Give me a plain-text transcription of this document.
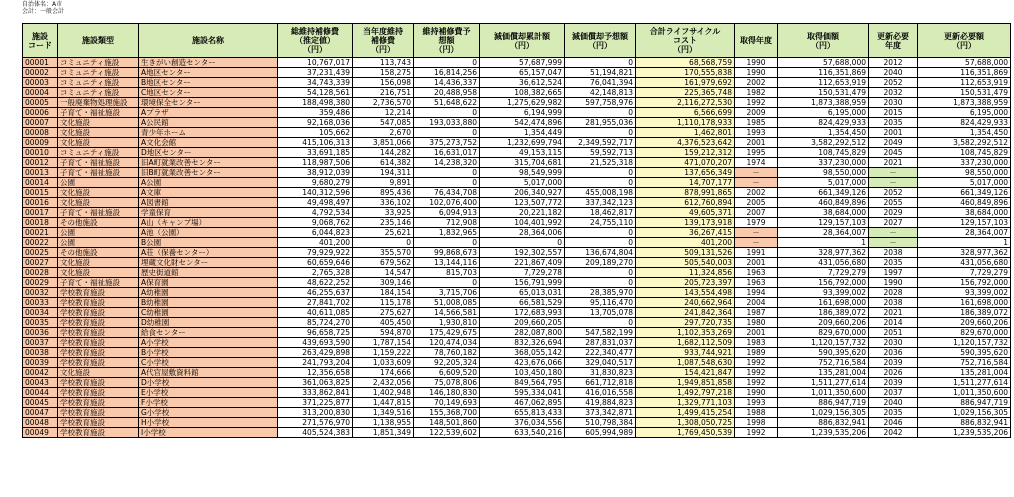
自治体名：A市
会計：一般会計
施設
コード	施設類型	施設名称	総維持補修費
（推定値）
（円）	当年度維持
補修費
（円）	維持補修費予
想額
（円）	減価償却累計額
（円）	減価償却予想額
（円）	合計ライフサイクル
コスト
（円）	取得年度	取得価額
（円）	更新必要
年度	更新必要額
（円）
00001	コミュニティ施設	生きがい創造センター	10,767,017	113,743	0	57,687,999	0	68,568,759	1990	57,688,000	2012	57,688,000
00002	コミュニティ施設	A地区センター	37,231,439	158,275	16,814,256	65,157,047	51,194,821	170,555,838	1990	116,351,869	2040	116,351,869
00003	コミュニティ施設	B地区センター	34,743,339	156,098	14,436,337	36,612,524	76,041,394	161,979,692	2002	112,653,919	2052	112,653,919
00004	コミュニティ施設	C地区センター	54,128,561	216,751	20,488,958	108,382,665	42,148,813	225,365,748	1982	150,531,479	2032	150,531,479
00005	一般廃棄物処理施設	環境保全センター	188,498,380	2,736,570	51,648,622	1,275,629,982	597,758,976	2,116,272,530	1992	1,873,388,959	2030	1,873,388,959
00006	子育て・福祉施設	Aプラザ	359,486	12,214	0	6,194,999	0	6,566,699	2009	6,195,000	2015	6,195,000
00007	文化施設	A公民館	92,168,036	547,085	193,033,880	542,474,896	281,955,036	1,110,178,933	1985	824,429,933	2035	824,429,933
00008	文化施設	青少年ホーム	105,662	2,670	0	1,354,449	0	1,462,801	1993	1,354,450	2001	1,354,450
00009	文化施設	A文化会館	415,106,313	3,851,066	375,273,752	1,232,699,794	2,349,592,717	4,376,523,642	2001	3,582,292,512	2049	3,582,292,512
00010	コミュニティ施設	D地区センター	33,691,185	144,282	16,631,017	49,153,115	59,592,713	159,212,312	1995	108,745,829	2045	108,745,829
00012	子育て・福祉施設	旧A町就業改善センター	118,987,506	614,382	14,238,320	315,704,681	21,525,318	471,070,207	1974	337,230,000	2021	337,230,000
00013	子育て・福祉施設	旧B町就業改善センター	38,912,039	194,311	0	98,549,999	0	137,656,349	－	98,550,000	－	98,550,000
00014	公園	A公園	9,680,279	9,891	0	5,017,000	0	14,707,177	－	5,017,000	－	5,017,000
00015	文化施設	A文庫	140,312,596	895,436	76,434,708	206,340,927	455,008,198	878,991,865	2002	661,349,126	2052	661,349,126
00016	文化施設	A図書館	49,498,497	336,102	102,076,400	123,507,772	337,342,123	612,760,894	2005	460,849,896	2055	460,849,896
00017	子育て・福祉施設	学童保育	4,792,534	33,925	6,094,913	20,221,182	18,462,817	49,605,371	2007	38,684,000	2029	38,684,000
00018	その他施設	A山（キャンプ場）	9,068,762	235,146	712,908	104,401,992	24,755,110	139,173,918	1979	129,157,103	2027	129,157,103
00021	公園	A池（公園）	6,044,823	25,621	1,832,965	28,364,006	0	36,267,415	－	28,364,007	－	28,364,007
00022	公園	B公園	401,200	0	0	0	0	401,200	－	1	－	1
00025	その他施設	A荘（保養センター）	79,929,922	355,570	99,868,673	192,302,557	136,674,804	509,131,526	1991	328,977,362	2038	328,977,362
00027	文化施設	埋蔵文化財センター	60,659,646	679,562	13,144,116	221,867,409	209,189,270	505,540,003	2001	431,056,680	2035	431,056,680
00028	文化施設	歴史街道館	2,765,328	14,547	815,703	7,729,278	0	11,324,856	1963	7,729,279	1997	7,729,279
00029	子育て・福祉施設	A保育園	48,622,252	309,146	0	156,791,999	0	205,723,397	1963	156,792,000	1990	156,792,000
00032	学校教育施設	A幼稚園	46,255,637	184,154	3,715,706	65,013,031	28,385,970	143,554,498	1994	93,399,002	2028	93,399,002
00033	学校教育施設	B幼稚園	27,841,702	115,178	51,008,085	66,581,529	95,116,470	240,662,964	2004	161,698,000	2038	161,698,000
00034	学校教育施設	C幼稚園	40,611,085	275,627	14,566,581	172,683,993	13,705,078	241,842,364	1987	186,389,072	2021	186,389,072
00035	学校教育施設	D幼稚園	85,724,270	405,450	1,930,810	209,660,205	0	297,720,735	1980	209,660,206	2014	209,660,206
00036	学校教育施設	給食センター	96,658,725	594,870	175,429,675	282,087,800	547,582,199	1,102,353,269	2001	829,670,000	2051	829,670,000
00037	学校教育施設	A小学校	439,693,590	1,787,154	120,474,034	832,326,694	287,831,037	1,682,112,509	1983	1,120,157,732	2030	1,120,157,732
00038	学校教育施設	B小学校	263,429,898	1,159,222	78,760,182	368,055,142	222,340,477	933,744,921	1989	590,395,620	2036	590,395,620
00039	学校教育施設	C小学校	241,793,204	1,033,609	92,205,324	423,676,066	329,040,517	1,087,548,630	1992	752,716,584	2039	752,716,584
00042	文化施設	A代官屋敷資料館	12,356,658	174,666	6,609,520	103,450,180	31,830,823	154,421,847	1992	135,281,004	2026	135,281,004
00043	学校教育施設	D小学校	361,063,825	2,432,056	75,078,806	849,564,795	661,712,818	1,949,851,858	1992	1,511,277,614	2039	1,511,277,614
00044	学校教育施設	E小学校	333,862,841	1,402,948	146,180,830	595,334,041	416,016,558	1,492,797,218	1990	1,011,350,600	2037	1,011,350,600
00045	学校教育施設	F小学校	371,225,877	1,447,815	70,149,693	467,062,895	419,884,823	1,329,771,103	1993	886,947,719	2040	886,947,719
00047	学校教育施設	G小学校	313,200,830	1,349,516	155,368,700	655,813,433	373,342,871	1,499,415,254	1988	1,029,156,305	2035	1,029,156,305
00048	学校教育施設	H小学校	271,576,970	1,138,955	148,501,860	376,034,556	510,798,384	1,308,050,725	1998	886,832,941	2046	886,832,941
00049	学校教育施設	I小学校	405,524,383	1,851,349	122,539,602	633,540,216	605,994,989	1,769,450,539	1992	1,239,535,206	2042	1,239,535,206
